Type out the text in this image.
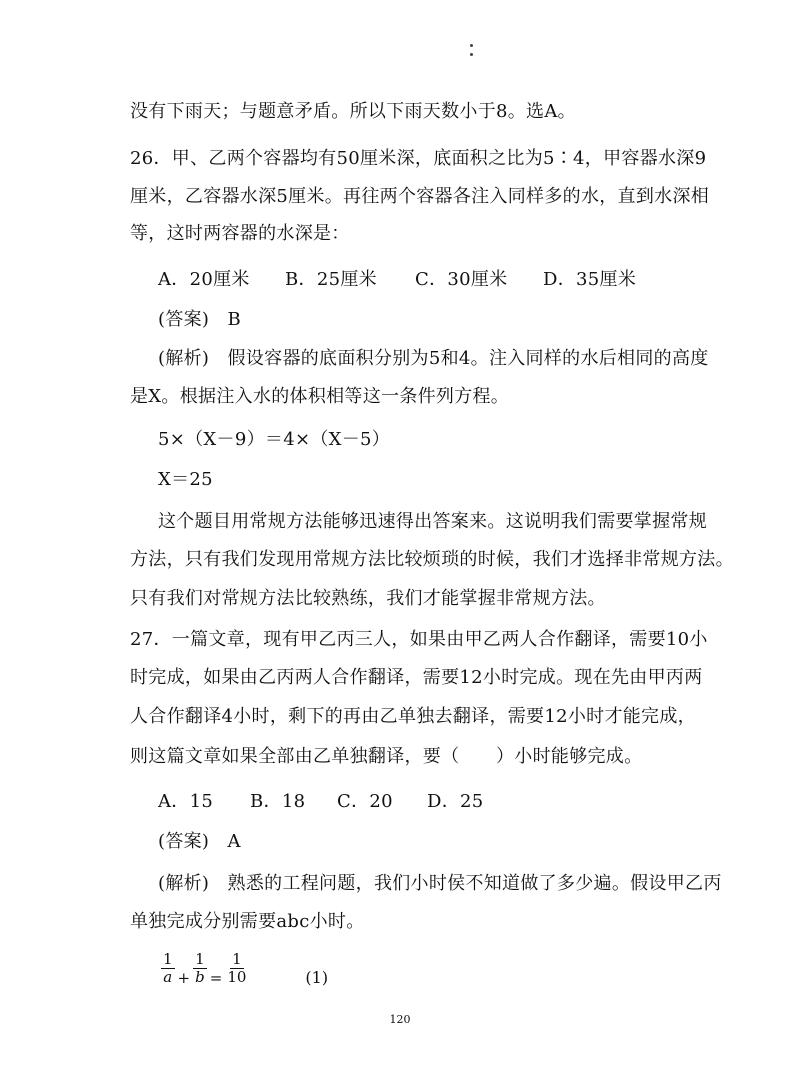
没有下雨天；与题意矛盾。所以下雨天数小于8。选A。
26．甲、乙两个容器均有50厘米深，底面积之比为5∶4，甲容器水深9
厘米，乙容器水深5厘米。再往两个容器各注入同样多的水，直到水深相
等，这时两容器的水深是：
A．20厘米	B．25厘米	C．30厘米	D．35厘米
(答案)　B
(解析)　假设容器的底面积分别为5和4。注入同样的水后相同的高度
是X。根据注入水的体积相等这一条件列方程。
5×（X－9）＝4×（X－5）
X＝25
这个题目用常规方法能够迅速得出答案来。这说明我们需要掌握常规
方法，只有我们发现用常规方法比较烦琐的时候，我们才选择非常规方法。
只有我们对常规方法比较熟练，我们才能掌握非常规方法。
27．一篇文章，现有甲乙丙三人，如果由甲乙两人合作翻译，需要10小
时完成，如果由乙丙两人合作翻译，需要12小时完成。现在先由甲丙两
人合作翻译4小时，剩下的再由乙单独去翻译，需要12小时才能完成，
则这篇文章如果全部由乙单独翻译，要（　　）小时能够完成。
A．15	B．18	C．20	D．25
(答案)　A
(解析)　熟悉的工程问题，我们小时侯不知道做了多少遍。假设甲乙丙
单独完成分别需要abc小时。
$\frac{1}{a} + \frac{1}{b} = \frac{1}{10}$	(1)
120
